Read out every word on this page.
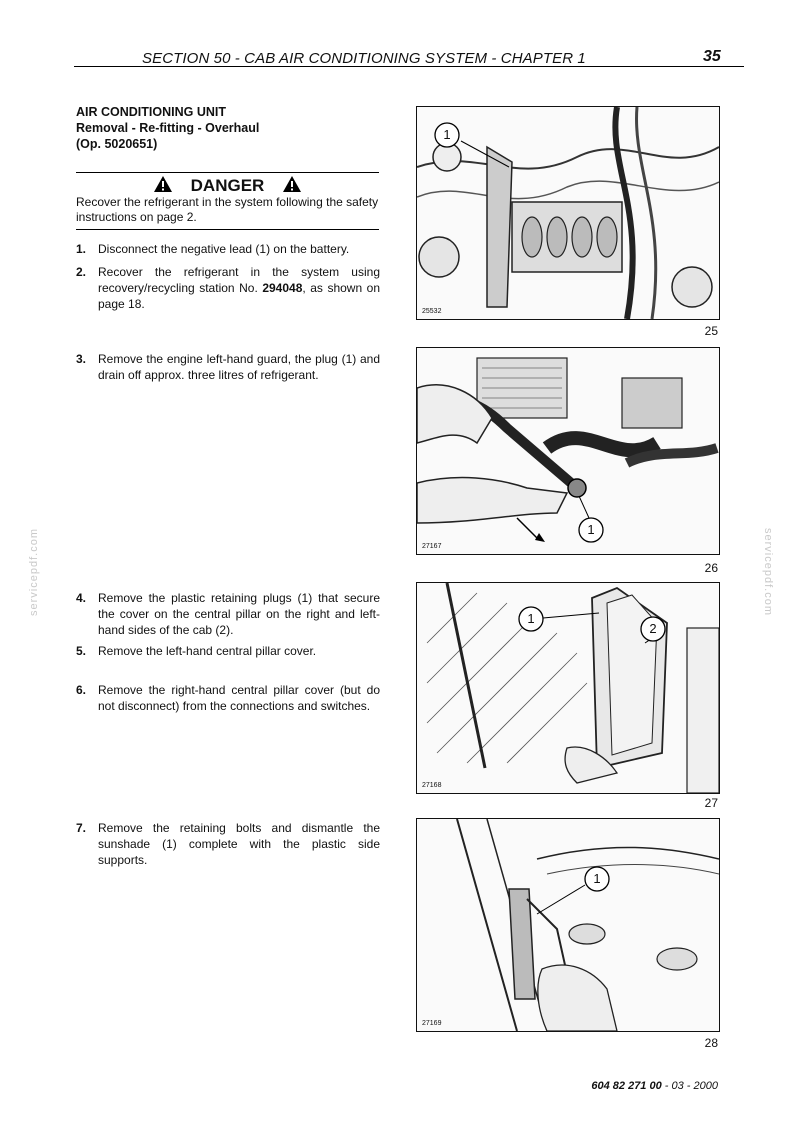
SECTION 50 - CAB AIR CONDITIONING SYSTEM - CHAPTER 1	35
servicepdf.com	servicepdf.com
AIR CONDITIONING UNIT
Removal - Re-fitting - Overhaul
(Op. 5020651)
DANGER
Recover the refrigerant in the system following the safety instructions on page 2.
1. Disconnect the negative lead (1) on the battery.
2. Recover the refrigerant in the system using recovery/recycling station No. 294048, as shown on page 18.
3. Remove the engine left-hand guard, the plug (1) and drain off approx. three litres of refrigerant.
4. Remove the plastic retaining plugs (1) that secure the cover on the central pillar on the right and left-hand sides of the cab (2).
5. Remove the left-hand central pillar cover.
6. Remove the right-hand central pillar cover (but do not disconnect) from the connections and switches.
7. Remove the retaining bolts and dismantle the sunshade (1) complete with the plastic side supports.
1
25532
25
1
27167
26
1
2
27168
27
1
27169
28
604 82 271 00 - 03 - 2000
